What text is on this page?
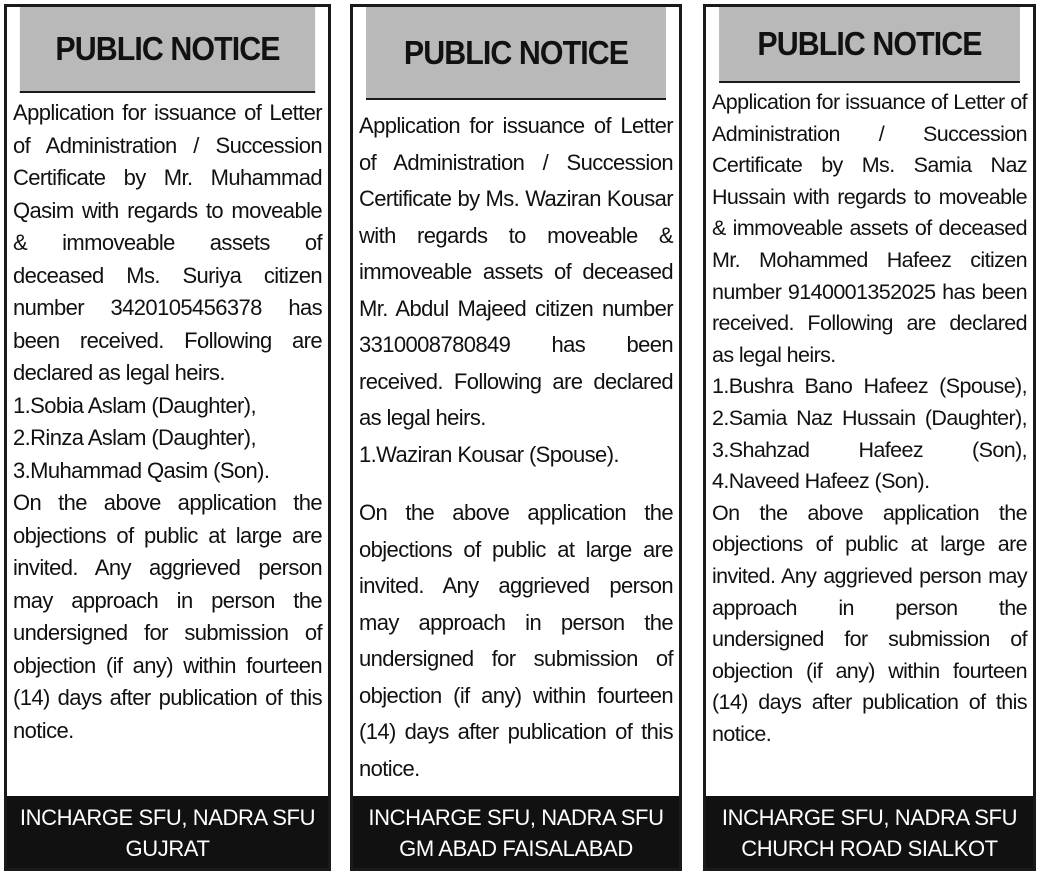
PUBLIC NOTICE

Application for issuance of Letter of Administration / Succession Certificate by Mr. Muhammad Qasim with regards to moveable & immoveable assets of deceased Ms. Suriya citizen number 3420105456378 has been received. Following are declared as legal heirs.

1.Sobia Aslam (Daughter),

2.Rinza Aslam (Daughter),

3.Muhammad Qasim (Son).

On the above application the objections of public at large are invited. Any aggrieved person may approach in person the undersigned for submission of objection (if any) within fourteen (14) days after publication of this notice.

INCHARGE SFU, NADRA SFU
GUJRAT
PUBLIC NOTICE

Application for issuance of Letter of Administration / Succession Certificate by Ms. Waziran Kousar with regards to moveable & immoveable assets of deceased Mr. Abdul Majeed citizen number 3310008780849 has been received. Following are declared as legal heirs.

1.Waziran Kousar (Spouse).

On the above application the objections of public at large are invited. Any aggrieved person may approach in person the undersigned for submission of objection (if any) within fourteen (14) days after publication of this notice.

INCHARGE SFU, NADRA SFU
GM ABAD FAISALABAD
PUBLIC NOTICE

Application for issuance of Letter of Administration / Succession Certificate by Ms. Samia Naz Hussain with regards to moveable & immoveable assets of deceased Mr. Mohammed Hafeez citizen number 9140001352025 has been received. Following are declared as legal heirs.

1.Bushra Bano Hafeez (Spouse), 2.Samia Naz Hussain (Daughter), 3.Shahzad Hafeez (Son), 4.Naveed Hafeez (Son).

On the above application the objections of public at large are invited. Any aggrieved person may approach in person the undersigned for submission of objection (if any) within fourteen (14) days after publication of this notice.

INCHARGE SFU, NADRA SFU
CHURCH ROAD SIALKOT
